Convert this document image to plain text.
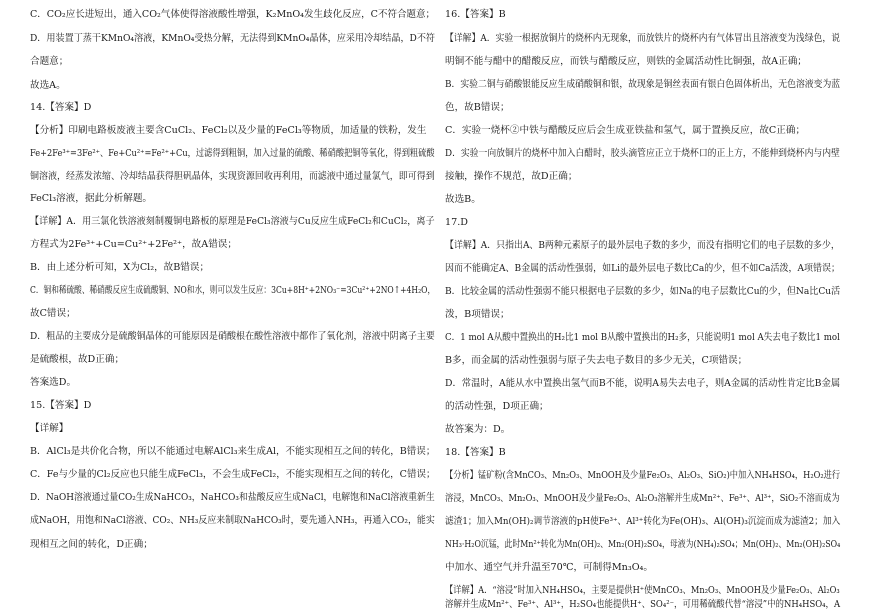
C．CO₂应长进短出，通入CO₂气体使得溶液酸性增强，K₂MnO₄发生歧化反应，C不符合题意；
D．用装置丁蒸干KMnO₄溶液，KMnO₄受热分解，无法得到KMnO₄晶体，应采用冷却结晶，D不符
合题意；
故选A。
14.【答案】D
【分析】印刷电路板废液主要含CuCl₂、FeCl₂以及少量的FeCl₃等物质，加适量的铁粉，发生
Fe+2Fe³⁺=3Fe²⁺、Fe+Cu²⁺=Fe²⁺+Cu，过滤得到粗铜，加入过量的硫酸、稀硝酸把铜等氧化，得到粗硫酸
铜溶液，经蒸发浓缩、冷却结晶获得胆矾晶体，实现资源回收再利用，而滤液中通过量氯气，即可得到
FeCl₃溶液，据此分析解题。
【详解】A．用三氯化铁溶液刻制覆铜电路板的原理是FeCl₃溶液与Cu反应生成FeCl₂和CuCl₂，离子
方程式为2Fe³⁺+Cu=Cu²⁺+2Fe²⁺，故A错误；
B．由上述分析可知，X为Cl₂，故B错误；
C．铜和稀硫酸、稀硝酸反应生成硫酸铜、NO和水，则可以发生反应：3Cu+8H⁺+2NO₃⁻=3Cu²⁺+2NO↑+4H₂O，
故C错误；
D．粗品的主要成分是硫酸铜晶体的可能原因是硝酸根在酸性溶液中都作了氧化剂，溶液中阴离子主要
是硫酸根，故D正确；
答案选D。
15.【答案】D
【详解】
B．AlCl₃是共价化合物，所以不能通过电解AlCl₃来生成Al，不能实现相互之间的转化，B错误；
C．Fe与少量的Cl₂反应也只能生成FeCl₃，不会生成FeCl₂，不能实现相互之间的转化，C错误；
D．NaOH溶液通过量CO₂生成NaHCO₃，NaHCO₃和盐酸反应生成NaCl，电解饱和NaCl溶液重新生
成NaOH，用饱和NaCl溶液、CO₂、NH₃反应来制取NaHCO₃时，要先通入NH₃，再通入CO₂，能实
现相互之间的转化，D正确；
16.【答案】B
【详解】A．实验一根据放铜片的烧杯内无现象，而放铁片的烧杯内有气体冒出且溶液变为浅绿色，说
明铜不能与醋中的醋酸反应，而铁与醋酸反应，则铁的金属活动性比铜强，故A正确；
B．实验二铜与硝酸银能反应生成硝酸铜和银，故现象是铜丝表面有银白色固体析出，无色溶液变为蓝
色，故B错误；
C．实验一烧杯②中铁与醋酸反应后会生成亚铁盐和氢气，属于置换反应，故C正确；
D．实验一向放铜片的烧杯中加入白醋时，胶头滴管应正立于烧杯口的正上方，不能伸到烧杯内与内壁
接触，操作不规范，故D正确；
故选B。
17.D
【详解】A．只指出A、B两种元素原子的最外层电子数的多少，而没有指明它们的电子层数的多少，
因而不能确定A、B金属的活动性强弱，如Li的最外层电子数比Ca的少，但不如Ca活泼，A项错误；
B．比较金属的活动性强弱不能只根据电子层数的多少，如Na的电子层数比Cu的少，但Na比Cu活
泼，B项错误；
C．1 mol A从酸中置换出的H₂比1 mol B从酸中置换出的H₂多，只能说明1 mol A失去电子数比1 mol
B多，而金属的活动性强弱与原子失去电子数目的多少无关，C项错误；
D．常温时，A能从水中置换出氢气而B不能，说明A易失去电子，则A金属的活动性肯定比B金属
的活动性强，D项正确；
故答案为：D。
18.【答案】B
【分析】锰矿粉(含MnCO₃、Mn₂O₃、MnOOH及少量Fe₂O₃、Al₂O₃、SiO₂)中加入NH₄HSO₄，H₂O₂进行
溶浸，MnCO₃、Mn₂O₃、MnOOH及少量Fe₂O₃、Al₂O₃溶解并生成Mn²⁺、Fe³⁺、Al³⁺，SiO₂不溶而成为
滤渣1；加入Mn(OH)₂调节溶液的pH使Fe³⁺、Al³⁺转化为Fe(OH)₃、Al(OH)₃沉淀而成为滤渣2；加入
NH₃·H₂O沉锰，此时Mn²⁺转化为Mn(OH)₂、Mn₂(OH)₂SO₄，母液为(NH₄)₂SO₄；Mn(OH)₂、Mn₂(OH)₂SO₄
中加水、通空气并升温至70℃，可制得Mn₃O₄。
【详解】A．“溶浸”时加入NH₄HSO₄，主要是提供H⁺使MnCO₃、Mn₂O₃、MnOOH及少量Fe₂O₃、Al₂O₃
溶解并生成Mn²⁺、Fe³⁺、Al³⁺，H₂SO₄也能提供H⁺、SO₄²⁻，可用稀硫酸代替“溶浸”中的NH₄HSO₄，A
